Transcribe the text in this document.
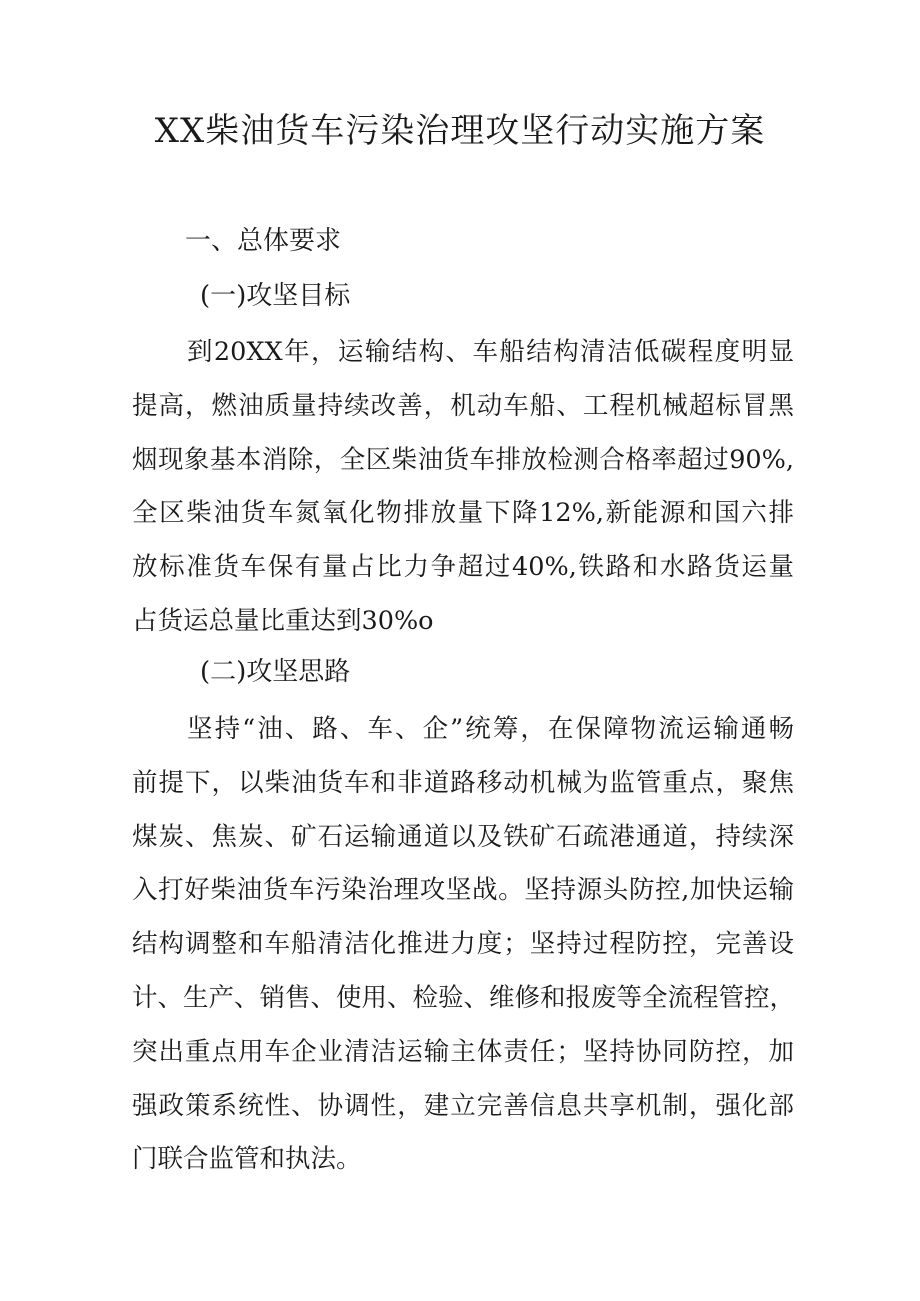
XX柴油货车污染治理攻坚行动实施方案
一、总体要求
(一)攻坚目标

到20XX年，运输结构、车船结构清洁低碳程度明显
提高，燃油质量持续改善，机动车船、工程机械超标冒黑
烟现象基本消除，全区柴油货车排放检测合格率超过90%,
全区柴油货车氮氧化物排放量下降12%,新能源和国六排
放标准货车保有量占比力争超过40%,铁路和水路货运量
占货运总量比重达到30%o

(二)攻坚思路

坚持“油、路、车、企”统筹，在保障物流运输通畅
前提下，以柴油货车和非道路移动机械为监管重点，聚焦
煤炭、焦炭、矿石运输通道以及铁矿石疏港通道，持续深
入打好柴油货车污染治理攻坚战。坚持源头防控,加快运输
结构调整和车船清洁化推进力度；坚持过程防控，完善设
计、生产、销售、使用、检验、维修和报废等全流程管控，
突出重点用车企业清洁运输主体责任；坚持协同防控，加
强政策系统性、协调性，建立完善信息共享机制，强化部
门联合监管和执法。
